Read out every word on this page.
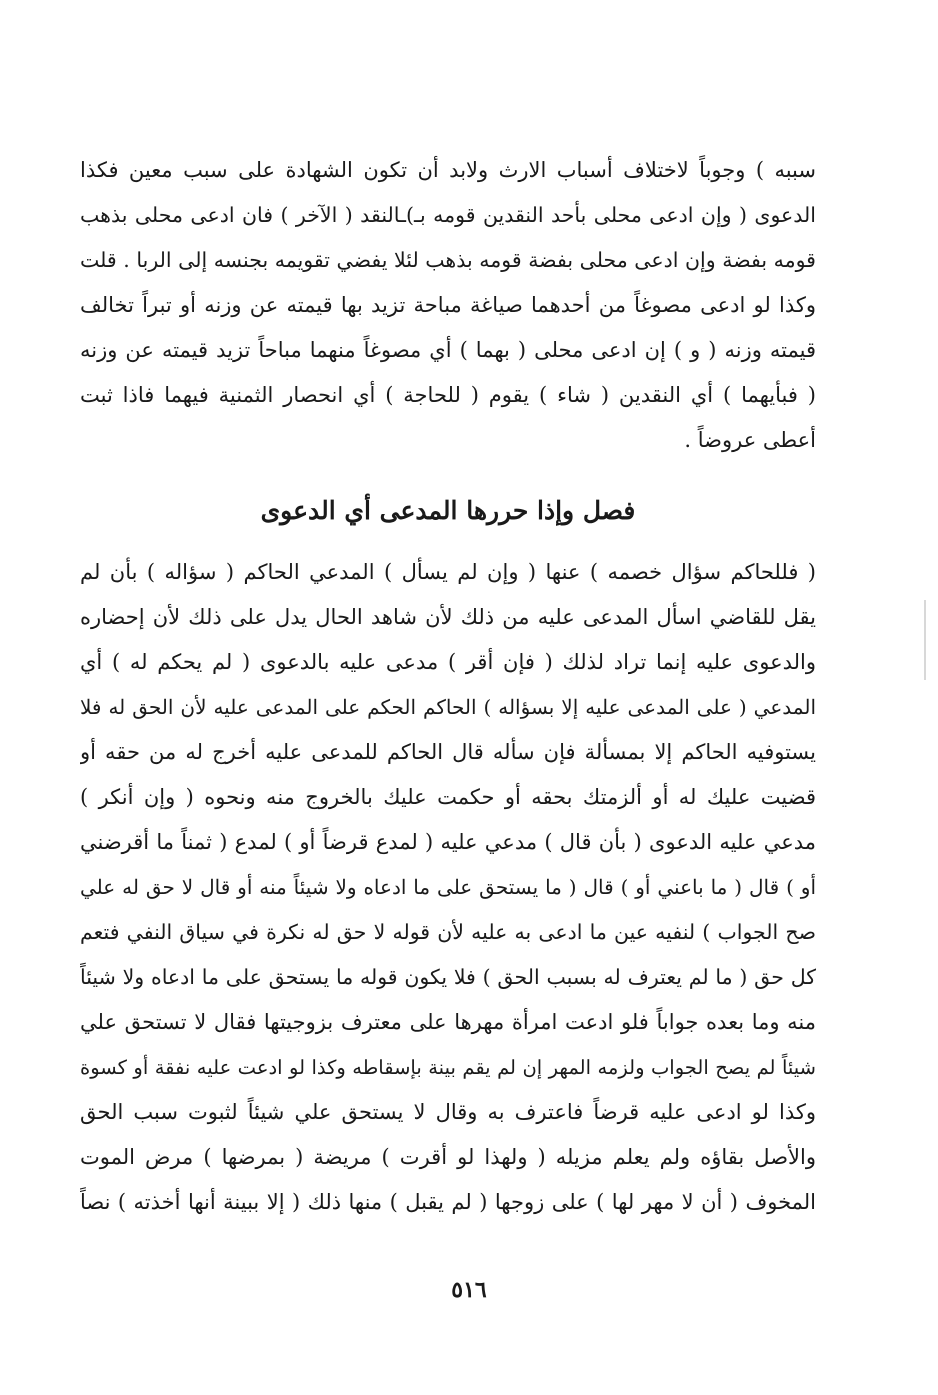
سببه ) وجوباً لاختلاف أسباب الارث ولابد أن تكون الشهادة على سبب معين فكذا
الدعوى ( وإن ادعى محلى بأحد النقدين قومه بـ)ـالنقد ( الآخر ) فان ادعى محلى بذهب
قومه بفضة وإن ادعى محلى بفضة قومه بذهب لئلا يفضي تقويمه بجنسه إلى الربا . قلت
وكذا لو ادعى مصوغاً من أحدهما صياغة مباحة تزيد بها قيمته عن وزنه أو تبراً تخالف
قيمته وزنه ( و ) إن ادعى محلى ( بهما ) أي مصوغاً منهما مباحاً تزيد قيمته عن وزنه
( فبأيهما ) أي النقدين ( شاء ) يقوم ( للحاجة ) أي انحصار الثمنية فيهما فاذا ثبت
أعطى عروضاً .
فصل وإذا حررها المدعى أي الدعوى
( فللحاكم سؤال خصمه ) عنها ( وإن لم يسأل ) المدعي الحاكم ( سؤاله ) بأن لم
يقل للقاضي اسأل المدعى عليه من ذلك لأن شاهد الحال يدل على ذلك لأن إحضاره
والدعوى عليه إنما تراد لذلك ( فإن أقر ) مدعى عليه بالدعوى ( لم يحكم له ) أي
المدعي ( على المدعى عليه إلا بسؤاله ) الحاكم الحكم على المدعى عليه لأن الحق له فلا
يستوفيه الحاكم إلا بمسألة فإن سأله قال الحاكم للمدعى عليه أخرج له من حقه أو
قضيت عليك له أو ألزمتك بحقه أو حكمت عليك بالخروج منه ونحوه ( وإن أنكر )
مدعي عليه الدعوى ( بأن قال ) مدعي عليه ( لمدع قرضاً أو ) لمدع ( ثمناً ما أقرضني
أو ) قال ( ما باعني أو ) قال ( ما يستحق على ما ادعاه ولا شيئاً منه أو قال لا حق له علي
صح الجواب ) لنفيه عين ما ادعى به عليه لأن قوله لا حق له نكرة في سياق النفي فتعم
كل حق ( ما لم يعترف له بسبب الحق ) فلا يكون قوله ما يستحق على ما ادعاه ولا شيئاً
منه وما بعده جواباً فلو ادعت امرأة مهرها على معترف بزوجيتها فقال لا تستحق علي
شيئاً لم يصح الجواب ولزمه المهر إن لم يقم بينة بإسقاطه وكذا لو ادعت عليه نفقة أو كسوة
وكذا لو ادعى عليه قرضاً فاعترف به وقال لا يستحق علي شيئاً لثبوت سبب الحق
والأصل بقاؤه ولم يعلم مزيله ( ولهذا لو أقرت ) مريضة ( بمرضها ) مرض الموت
المخوف ( أن لا مهر لها ) على زوجها ( لم يقبل ) منها ذلك ( إلا ببينة أنها أخذته ) نصاً
٥١٦
